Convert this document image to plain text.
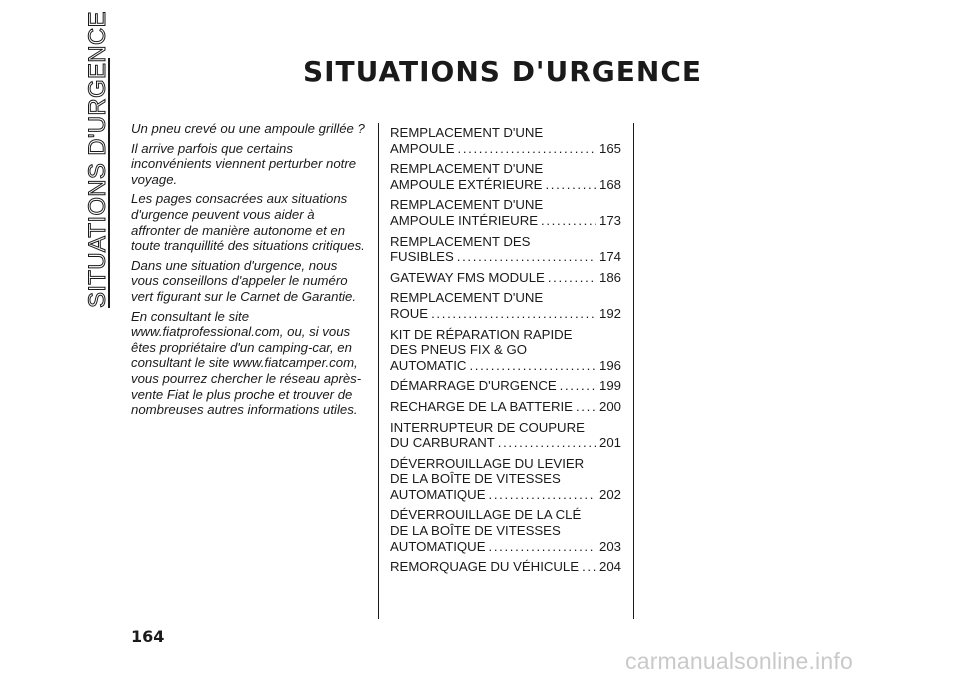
SITUATIONS D'URGENCE	SITUATIONS D'URGENCE

Un pneu crevé ou une ampoule grillée ?

Il arrive parfois que certains inconvénients viennent perturber notre voyage.

Les pages consacrées aux situations d'urgence peuvent vous aider à affronter de manière autonome et en toute tranquillité des situations critiques.

Dans une situation d'urgence, nous vous conseillons d'appeler le numéro vert figurant sur le Carnet de Garantie.

En consultant le site www.fiatprofessional.com, ou, si vous êtes propriétaire d'un camping-car, en consultant le site www.fiatcamper.com, vous pourrez chercher le réseau après-vente Fiat le plus proche et trouver de nombreuses autres informations utiles.

REMPLACEMENT D'UNE
AMPOULE . . .	165
REMPLACEMENT D'UNE
AMPOULE EXTÉRIEURE . . .	168
REMPLACEMENT D'UNE
AMPOULE INTÉRIEURE . . .	173
REMPLACEMENT DES
FUSIBLES . . .	174
GATEWAY FMS MODULE . . .	186
REMPLACEMENT D'UNE
ROUE . . .	192
KIT DE RÉPARATION RAPIDE
DES PNEUS FIX & GO
AUTOMATIC . . .	196
DÉMARRAGE D'URGENCE . . .	199
RECHARGE DE LA BATTERIE . . . 200
INTERRUPTEUR DE COUPURE
DU CARBURANT . . .	201
DÉVERROUILLAGE DU LEVIER
DE LA BOÎTE DE VITESSES
AUTOMATIQUE . . .	202
DÉVERROUILLAGE DE LA CLÉ
DE LA BOÎTE DE VITESSES
AUTOMATIQUE . . .	203
REMORQUAGE DU VÉHICULE . . . 204
164
carmanualsonline.info
